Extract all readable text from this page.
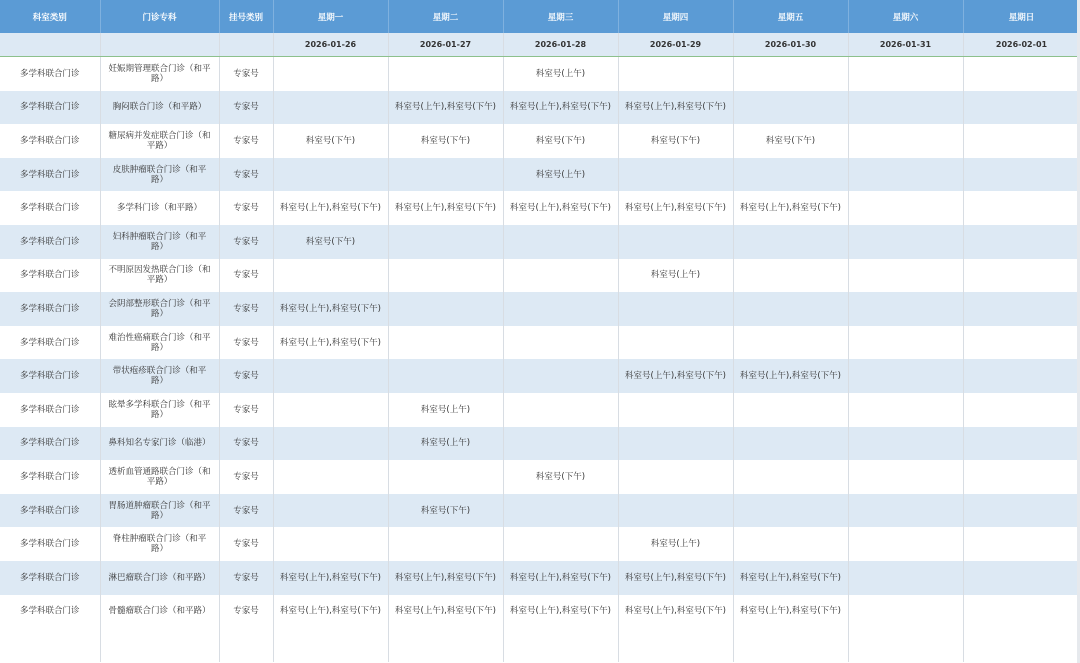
科室类别	门诊专科	挂号类别	星期一	星期二	星期三	星期四	星期五	星期六	星期日
			2026-01-26	2026-01-27	2026-01-28	2026-01-29	2026-01-30	2026-01-31	2026-02-01
多学科联合门诊	妊娠期管理联合门诊（和平路）	专家号			科室号(上午)				
多学科联合门诊	胸闷联合门诊（和平路）	专家号		科室号(上午),科室号(下午)	科室号(上午),科室号(下午)	科室号(上午),科室号(下午)			
多学科联合门诊	糖尿病并发症联合门诊（和平路）	专家号	科室号(下午)	科室号(下午)	科室号(下午)	科室号(下午)	科室号(下午)		
多学科联合门诊	皮肤肿瘤联合门诊（和平路）	专家号			科室号(上午)				
多学科联合门诊	多学科门诊（和平路）	专家号	科室号(上午),科室号(下午)	科室号(上午),科室号(下午)	科室号(上午),科室号(下午)	科室号(上午),科室号(下午)	科室号(上午),科室号(下午)		
多学科联合门诊	妇科肿瘤联合门诊（和平路）	专家号	科室号(下午)						
多学科联合门诊	不明原因发热联合门诊（和平路）	专家号				科室号(上午)			
多学科联合门诊	会阴部整形联合门诊（和平路）	专家号	科室号(上午),科室号(下午)						
多学科联合门诊	难治性癌痛联合门诊（和平路）	专家号	科室号(上午),科室号(下午)						
多学科联合门诊	带状疱疹联合门诊（和平路）	专家号				科室号(上午),科室号(下午)	科室号(上午),科室号(下午)		
多学科联合门诊	眩晕多学科联合门诊（和平路）	专家号		科室号(上午)					
多学科联合门诊	鼻科知名专家门诊（临港）	专家号		科室号(上午)					
多学科联合门诊	透析血管通路联合门诊（和平路）	专家号			科室号(下午)				
多学科联合门诊	胃肠道肿瘤联合门诊（和平路）	专家号		科室号(下午)					
多学科联合门诊	脊柱肿瘤联合门诊（和平路）	专家号				科室号(上午)			
多学科联合门诊	淋巴瘤联合门诊（和平路）	专家号	科室号(上午),科室号(下午)	科室号(上午),科室号(下午)	科室号(上午),科室号(下午)	科室号(上午),科室号(下午)	科室号(上午),科室号(下午)		
多学科联合门诊	骨髓瘤联合门诊（和平路）	专家号	科室号(上午),科室号(下午)	科室号(上午),科室号(下午)	科室号(上午),科室号(下午)	科室号(上午),科室号(下午)	科室号(上午),科室号(下午)		
